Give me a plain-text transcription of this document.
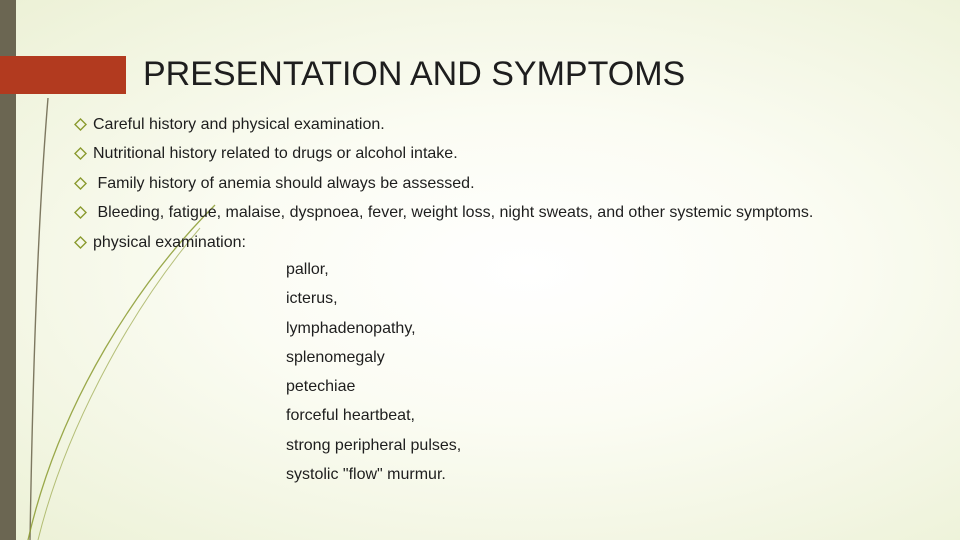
PRESENTATION AND SYMPTOMS
Careful history and physical examination.
Nutritional history related to drugs or alcohol intake.
Family history of anemia should always be assessed.
Bleeding, fatigue, malaise, dyspnoea, fever, weight loss, night sweats, and other systemic symptoms.
physical examination:
pallor,
icterus,
lymphadenopathy,
splenomegaly
petechiae
forceful heartbeat,
strong peripheral pulses,
systolic "flow" murmur.
